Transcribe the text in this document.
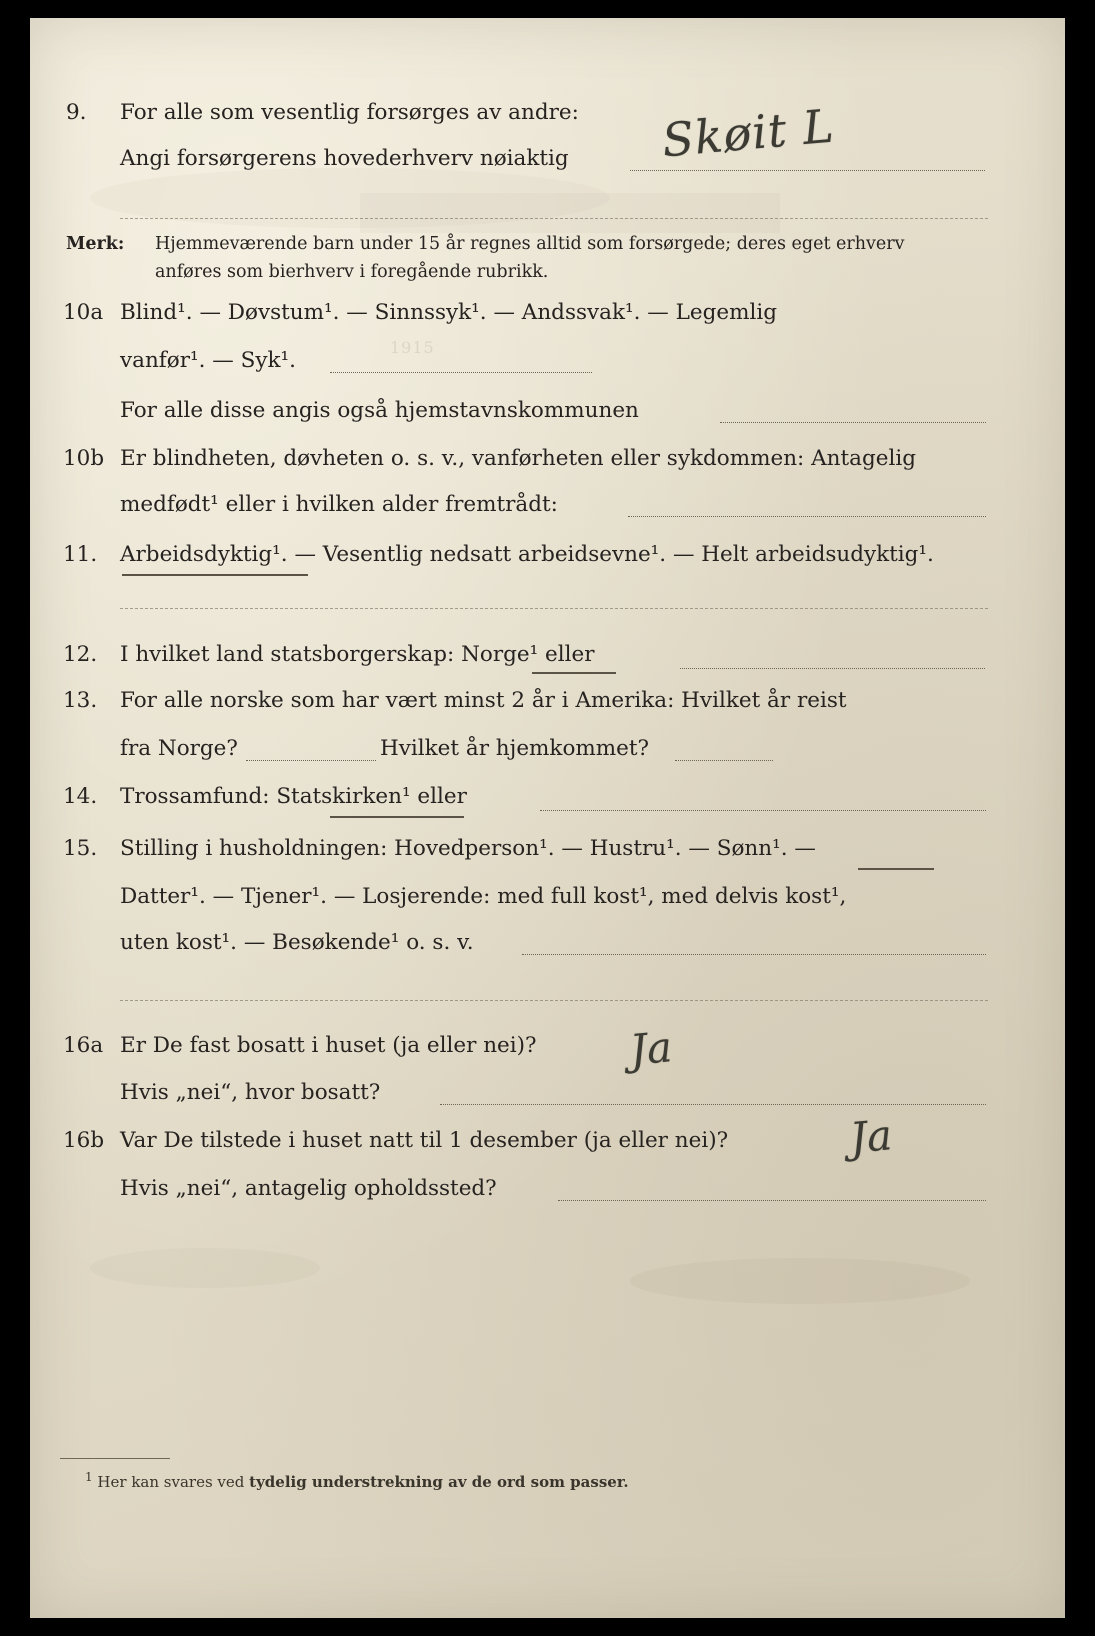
1915

9. For alle som vesentlig forsørges av andre:
Angi forsørgerens hovederhverv nøiaktig Skøit L
Merk: Hjemmeværende barn under 15 år regnes alltid som forsørgede; deres eget erhverv
anføres som bierhverv i foregående rubrikk.
10a Blind¹. — Døvstum¹. — Sinnssyk¹. — Andssvak¹. — Legemlig
vanfør¹. — Syk¹.
For alle disse angis også hjemstavnskommunen
10b Er blindheten, døvheten o. s. v., vanførheten eller sykdommen: Antagelig
medfødt¹ eller i hvilken alder fremtrådt:
11. Arbeidsdyktig¹. — Vesentlig nedsatt arbeidsevne¹. — Helt arbeidsudyktig¹.
12. I hvilket land statsborgerskap: Norge¹ eller
13. For alle norske som har vært minst 2 år i Amerika: Hvilket år reist
fra Norge?	Hvilket år hjemkommet?
14. Trossamfund: Statskirken¹ eller
15. Stilling i husholdningen: Hovedperson¹. — Hustru¹. — Sønn¹. —
Datter¹. — Tjener¹. — Losjerende: med full kost¹, med delvis kost¹,
uten kost¹. — Besøkende¹ o. s. v.
16a Er De fast bosatt i huset (ja eller nei)? Ja
Hvis „nei“, hvor bosatt?
16b Var De tilstede i huset natt til 1 desember (ja eller nei)?	Ja
Hvis „nei“, antagelig opholdssted?
$^1$ Her kan svares ved tydelig understrekning av de ord som passer.
